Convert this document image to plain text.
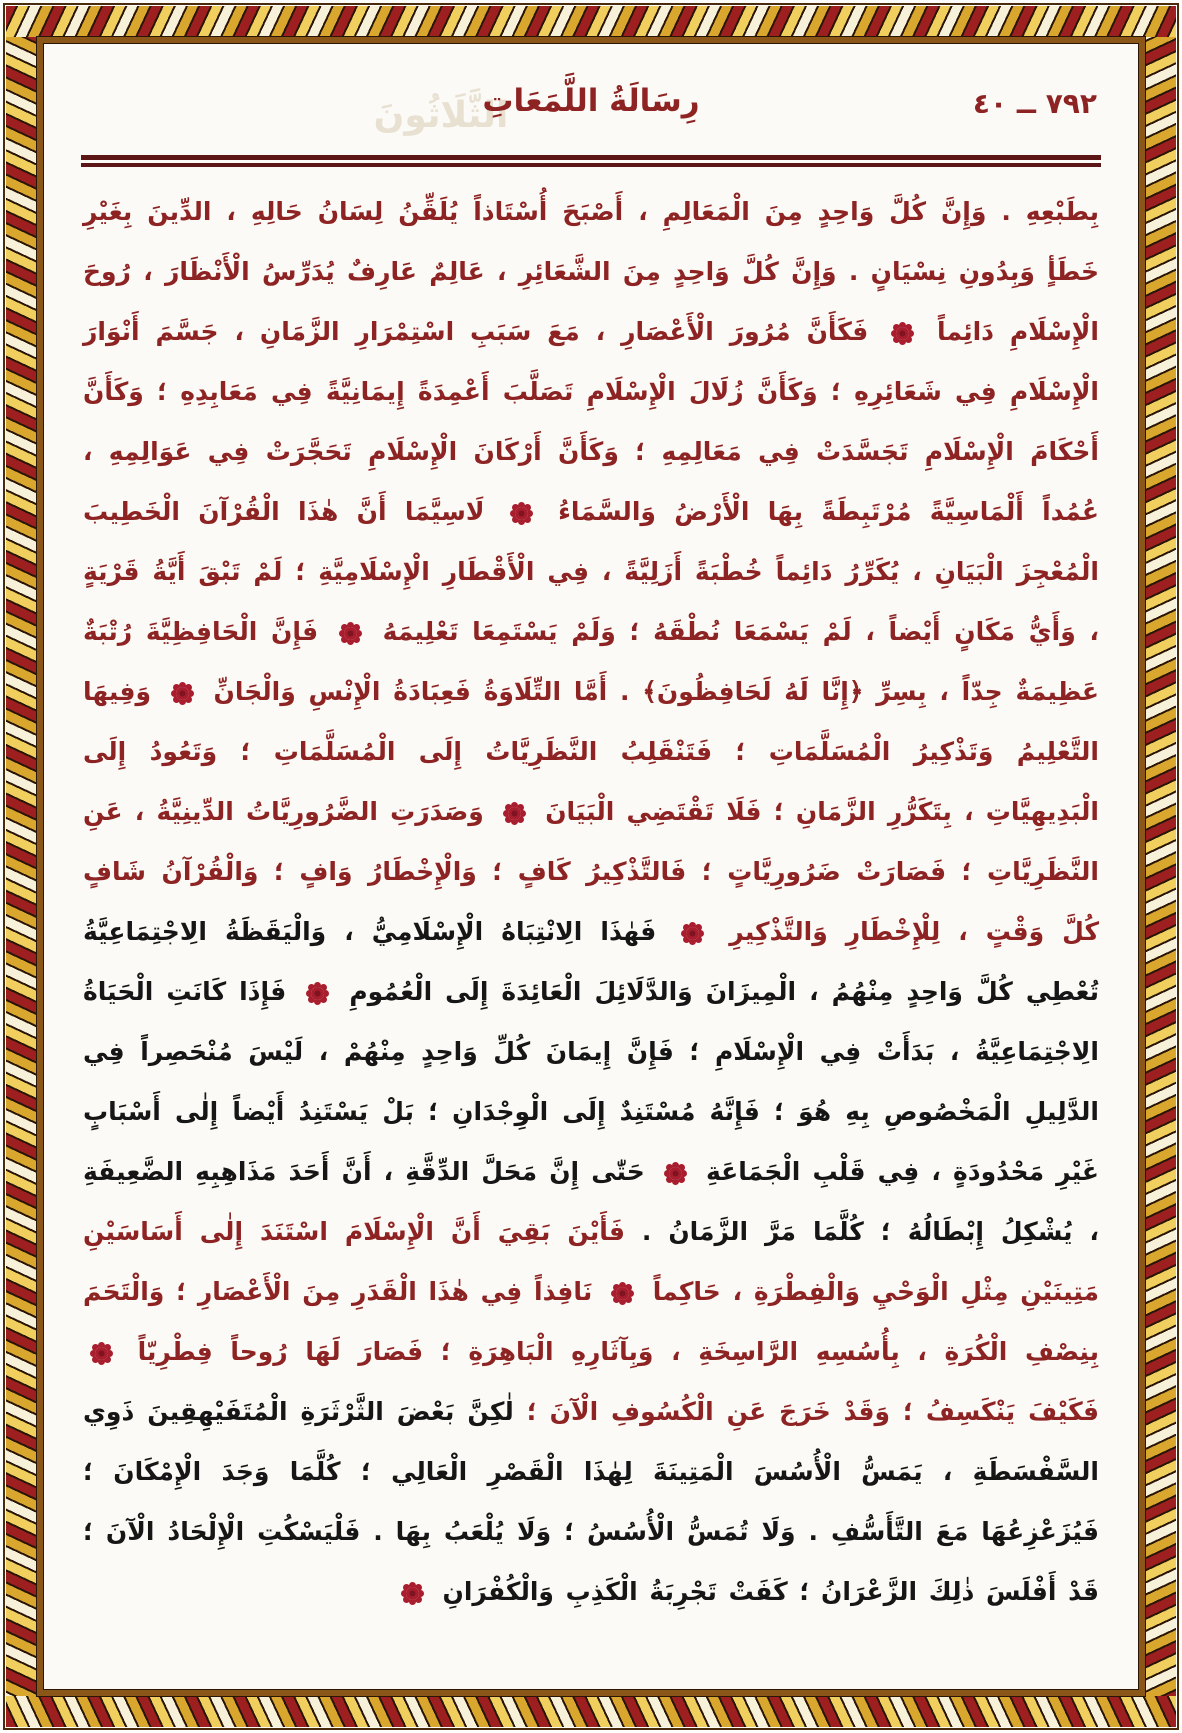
الثَّلَاثُونَ
رِسَالَةُ اللَّمَعَاتِ	٧٩٢ ــ ٤٠

بِطَبْعِهِ . وَإِنَّ كُلَّ وَاحِدٍ مِنَ الْمَعَالِمِ ، أَصْبَحَ أُسْتَاذاً يُلَقِّنُ لِسَانُ حَالِهِ ، الدِّينَ بِغَيْرِ خَطَأٍ وَبِدُونِ نِسْيَانٍ . وَإِنَّ كُلَّ وَاحِدٍ مِنَ الشَّعَائِرِ ، عَالِمٌ عَارِفٌ يُدَرِّسُ الْأَنْظَارَ ، رُوحَ الْإِسْلَامِ دَائِماً  فَكَأَنَّ مُرُورَ الْأَعْصَارِ ، مَعَ سَبَبِ اسْتِمْرَارِ الزَّمَانِ ، جَسَّمَ أَنْوَارَ الْإِسْلَامِ فِي شَعَائِرِهِ ؛ وَكَأَنَّ زُلَالَ الْإِسْلَامِ تَصَلَّبَ أَعْمِدَةً إِيمَانِيَّةً فِي مَعَابِدِهِ ؛ وَكَأَنَّ أَحْكَامَ الْإِسْلَامِ تَجَسَّدَتْ فِي مَعَالِمِهِ ؛ وَكَأَنَّ أَرْكَانَ الْإِسْلَامِ تَحَجَّرَتْ فِي عَوَالِمِهِ ، عُمُداً أَلْمَاسِيَّةً مُرْتَبِطَةً بِهَا الْأَرْضُ وَالسَّمَاءُ  لَاسِيَّمَا أَنَّ هٰذَا الْقُرْآنَ الْخَطِيبَ الْمُعْجِزَ الْبَيَانِ ، يُكَرِّرُ دَائِماً خُطْبَةً أَزَلِيَّةً ، فِي الْأَقْطَارِ الْإِسْلَامِيَّةِ ؛ لَمْ تَبْقَ أَيَّةُ قَرْيَةٍ ، وَأَيُّ مَكَانٍ أَيْضاً ، لَمْ يَسْمَعَا نُطْقَهُ ؛ وَلَمْ يَسْتَمِعَا تَعْلِيمَهُ  فَإِنَّ الْحَافِظِيَّةَ رُتْبَةٌ عَظِيمَةٌ جِدّاً ، بِسِرِّ ﴿إِنَّا لَهُ لَحَافِظُونَ﴾ . أَمَّا التِّلَاوَةُ فَعِبَادَةُ الْإِنْسِ وَالْجَانِّ  وَفِيهَا التَّعْلِيمُ وَتَذْكِيرُ الْمُسَلَّمَاتِ ؛ فَتَنْقَلِبُ النَّظَرِيَّاتُ إِلَى الْمُسَلَّمَاتِ ؛ وَتَعُودُ إِلَى الْبَدِيهِيَّاتِ ، بِتَكَرُّرِ الزَّمَانِ ؛ فَلَا تَقْتَضِي الْبَيَانَ  وَصَدَرَتِ الضَّرُورِيَّاتُ الدِّينِيَّةُ ، عَنِ النَّظَرِيَّاتِ ؛ فَصَارَتْ ضَرُورِيَّاتٍ ؛ فَالتَّذْكِيرُ كَافٍ ؛ وَالْإِخْطَارُ وَافٍ ؛ وَالْقُرْآنُ شَافٍ كُلَّ وَقْتٍ ، لِلْإِخْطَارِ وَالتَّذْكِيرِ  فَهٰذَا الِانْتِبَاهُ الْإِسْلَامِيُّ ، وَالْيَقَظَةُ الِاجْتِمَاعِيَّةُ تُعْطِي كُلَّ وَاحِدٍ مِنْهُمُ ، الْمِيزَانَ وَالدَّلَائِلَ الْعَائِدَةَ إِلَى الْعُمُومِ  فَإِذَا كَانَتِ الْحَيَاةُ الِاجْتِمَاعِيَّةُ ، بَدَأَتْ فِي الْإِسْلَامِ ؛ فَإِنَّ إِيمَانَ كُلِّ وَاحِدٍ مِنْهُمْ ، لَيْسَ مُنْحَصِراً فِي الدَّلِيلِ الْمَخْصُوصِ بِهِ هُوَ ؛ فَإِنَّهُ مُسْتَنِدٌ إِلَى الْوِجْدَانِ ؛ بَلْ يَسْتَنِدُ أَيْضاً إِلٰى أَسْبَابٍ غَيْرِ مَحْدُودَةٍ ، فِي قَلْبِ الْجَمَاعَةِ  حَتّٰى إِنَّ مَحَلَّ الدِّقَّةِ ، أَنَّ أَحَدَ مَذَاهِبِهِ الضَّعِيفَةِ ، يُشْكِلُ إِبْطَالُهُ ؛ كُلَّمَا مَرَّ الزَّمَانُ . فَأَيْنَ بَقِيَ أَنَّ الْإِسْلَامَ اسْتَنَدَ إِلٰى أَسَاسَيْنِ مَتِينَيْنِ مِثْلِ الْوَحْيِ وَالْفِطْرَةِ ، حَاكِماً  نَافِذاً فِي هٰذَا الْقَدَرِ مِنَ الْأَعْصَارِ ؛ وَالْتَحَمَ بِنِصْفِ الْكُرَةِ ، بِأُسُسِهِ الرَّاسِخَةِ ، وَبِآثَارِهِ الْبَاهِرَةِ ؛ فَصَارَ لَهَا رُوحاً فِطْرِيّاً  فَكَيْفَ يَنْكَسِفُ ؛ وَقَدْ خَرَجَ عَنِ الْكُسُوفِ الْآنَ ؛ لٰكِنَّ بَعْضَ الثَّرْثَرَةِ الْمُتَفَيْهِقِينَ ذَوِي السَّفْسَطَةِ ، يَمَسُّ الْأُسُسَ الْمَتِينَةَ لِهٰذَا الْقَصْرِ الْعَالِي ؛ كُلَّمَا وَجَدَ الْإِمْكَانَ ؛ فَيُزَعْزِعُهَا مَعَ التَّأَسُّفِ . وَلَا تُمَسُّ الْأُسُسُ ؛ وَلَا يُلْعَبُ بِهَا . فَلْيَسْكُتِ الْإِلْحَادُ الْآنَ ؛ قَدْ أَفْلَسَ ذٰلِكَ الزَّعْرَانُ ؛ كَفَتْ تَجْرِبَةُ الْكَذِبِ وَالْكُفْرَانِ
